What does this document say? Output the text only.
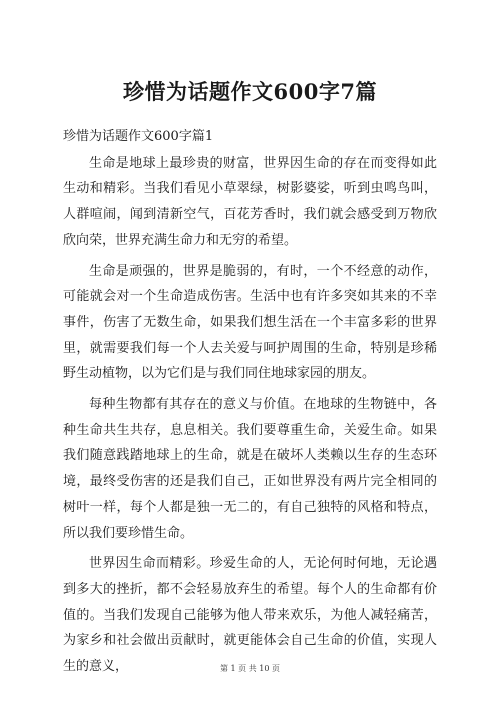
珍惜为话题作文600字7篇

珍惜为话题作文600字篇1

生命是地球上最珍贵的财富，世界因生命的存在而变得如此生动和精彩。当我们看见小草翠绿，树影婆娑，听到虫鸣鸟叫，人群喧闹，闻到清新空气，百花芳香时，我们就会感受到万物欣欣向荣，世界充满生命力和无穷的希望。

生命是顽强的，世界是脆弱的，有时，一个不经意的动作，可能就会对一个生命造成伤害。生活中也有许多突如其来的不幸事件，伤害了无数生命，如果我们想生活在一个丰富多彩的世界里，就需要我们每一个人去关爱与呵护周围的生命，特别是珍稀野生动植物，以为它们是与我们同住地球家园的朋友。

每种生物都有其存在的意义与价值。在地球的生物链中，各种生命共生共存，息息相关。我们要尊重生命，关爱生命。如果我们随意践踏地球上的生命，就是在破坏人类赖以生存的生态环境，最终受伤害的还是我们自己，正如世界没有两片完全相同的树叶一样，每个人都是独一无二的，有自己独特的风格和特点，所以我们要珍惜生命。

世界因生命而精彩。珍爱生命的人，无论何时何地，无论遇到多大的挫折，都不会轻易放弃生的希望。每个人的生命都有价值的。当我们发现自己能够为他人带来欢乐，为他人减轻痛苦，为家乡和社会做出贡献时，就更能体会自己生命的价值，实现人生的意义，	第 1 页 共 10 页
